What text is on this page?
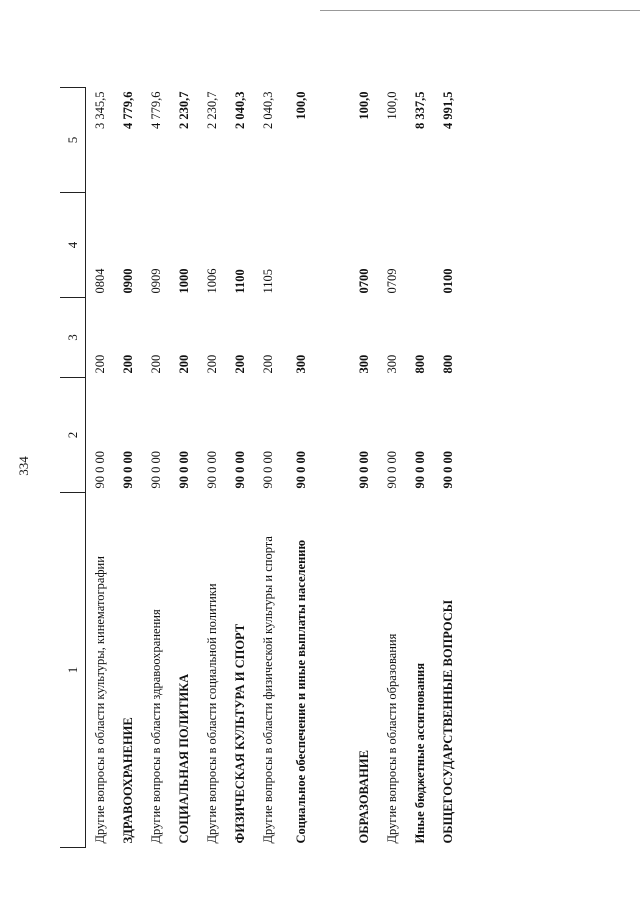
334
1	2	3	4	5
Другие вопросы в области культуры, кинематографии	90 0 00	200	0804	3 345,5
ЗДРАВООХРАНЕНИЕ	90 0 00	200	0900	4 779,6
Другие вопросы в области здравоохранения	90 0 00	200	0909	4 779,6
СОЦИАЛЬНАЯ ПОЛИТИКА	90 0 00	200	1000	2 230,7
Другие вопросы в области социальной политики	90 0 00	200	1006	2 230,7
ФИЗИЧЕСКАЯ КУЛЬТУРА И СПОРТ	90 0 00	200	1100	2 040,3
Другие вопросы в области физической культуры и спорта	90 0 00	200	1105	2 040,3
Социальное обеспечение и иные выплаты населению	90 0 00	300		100,0
ОБРАЗОВАНИЕ	90 0 00	300	0700	100,0
Другие вопросы в области образования	90 0 00	300	0709	100,0
Иные бюджетные ассигнования	90 0 00	800		8 337,5
ОБЩЕГОСУДАРСТВЕННЫЕ ВОПРОСЫ	90 0 00	800	0100	4 991,5
